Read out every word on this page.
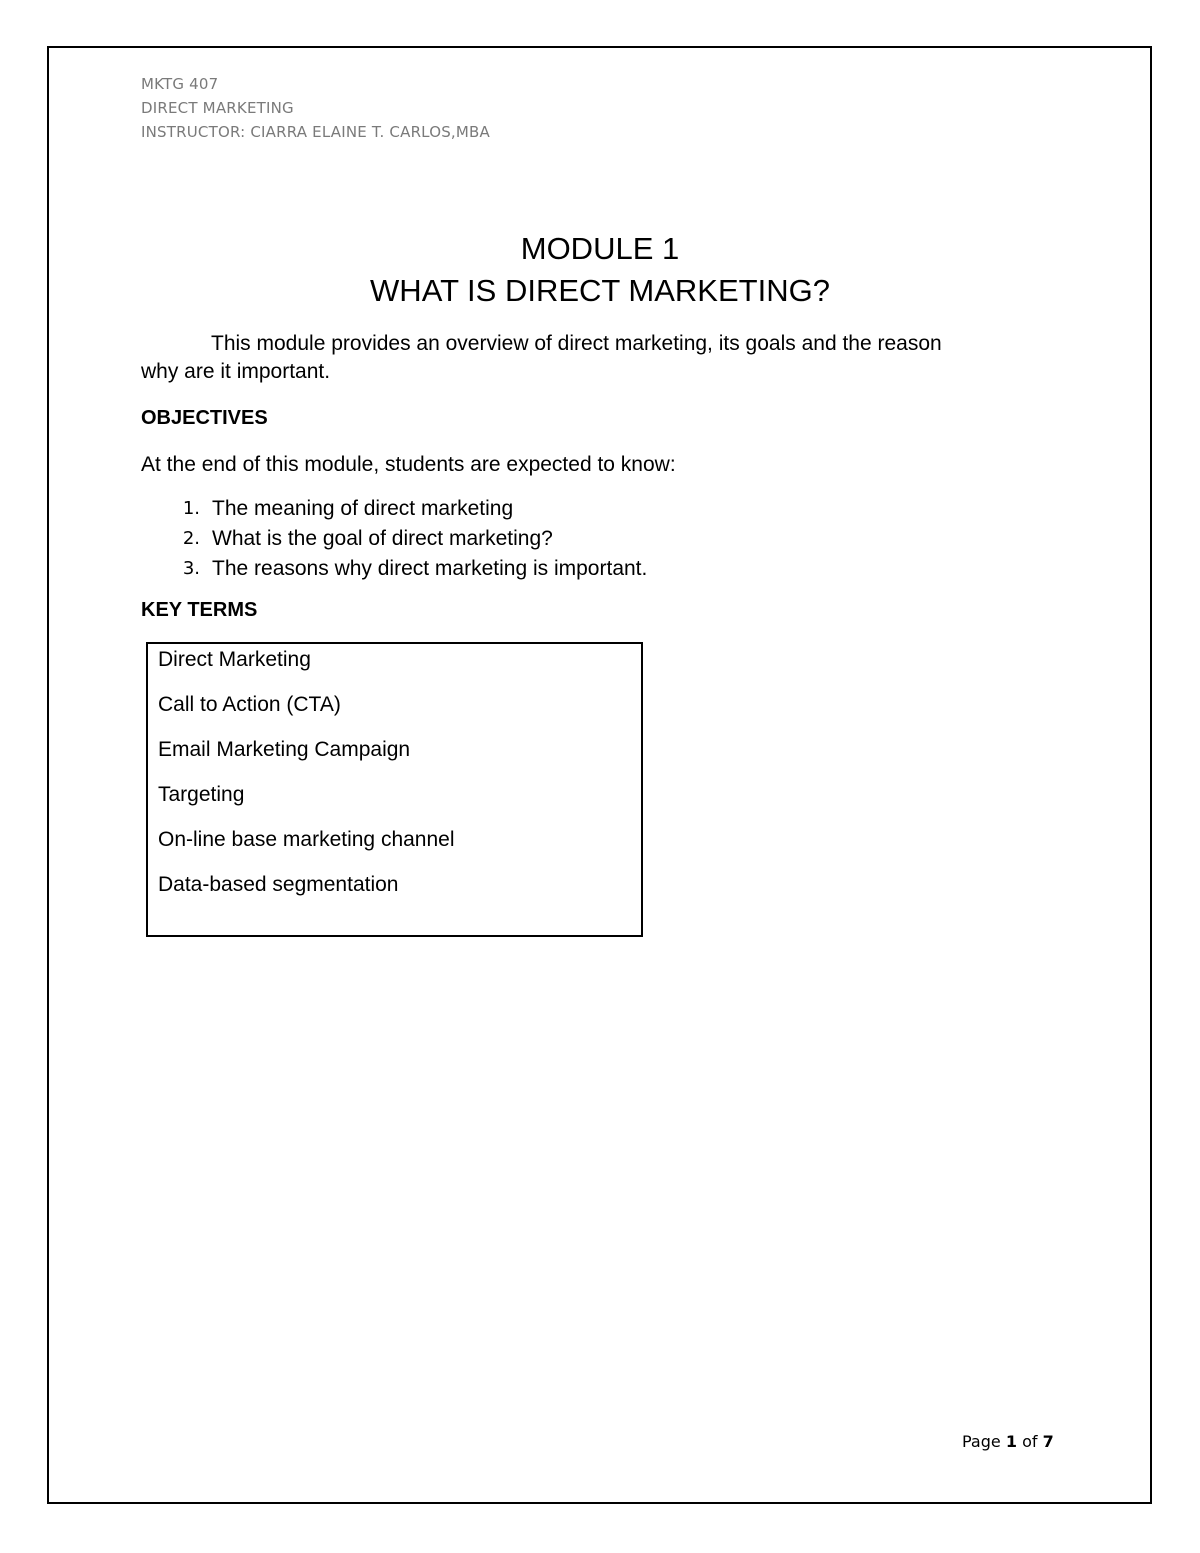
MKTG 407
DIRECT MARKETING
INSTRUCTOR: CIARRA ELAINE T. CARLOS,MBA
MODULE 1
WHAT IS DIRECT MARKETING?
This module provides an overview of direct marketing, its goals and the reason
why are it important.
OBJECTIVES
At the end of this module, students are expected to know:
1. The meaning of direct marketing
2. What is the goal of direct marketing?
3. The reasons why direct marketing is important.
KEY TERMS
Direct Marketing
Call to Action (CTA)
Email Marketing Campaign
Targeting
On-line base marketing channel
Data-based segmentation
Page 1 of 7
